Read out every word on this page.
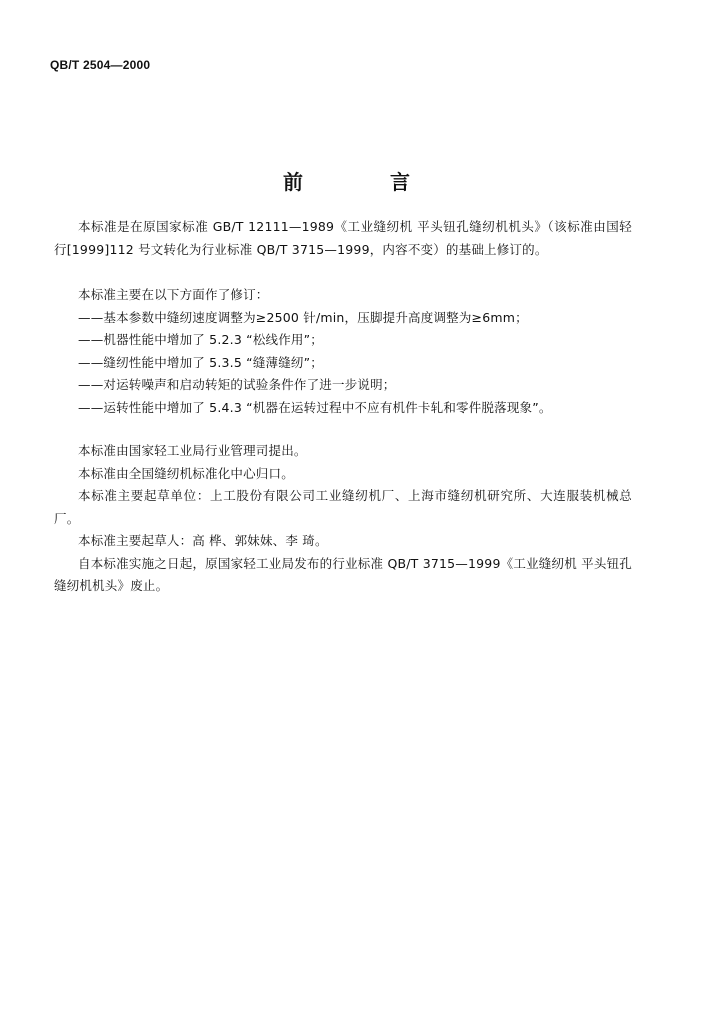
QB/T 2504—2000
前 言

本标准是在原国家标准 GB/T 12111—1989《工业缝纫机 平头钮孔缝纫机机头》（该标准由国轻行[1999]112 号文转化为行业标准 QB/T 3715—1999，内容不变）的基础上修订的。

本标准主要在以下方面作了修订：

——基本参数中缝纫速度调整为≥2500 针/min，压脚提升高度调整为≥6mm；
——机器性能中增加了 5.2.3 “松线作用”；
——缝纫性能中增加了 5.3.5 “缝薄缝纫”；
——对运转噪声和启动转矩的试验条件作了进一步说明；
——运转性能中增加了 5.4.3 “机器在运转过程中不应有机件卡轧和零件脱落现象”。

本标准由国家轻工业局行业管理司提出。

本标准由全国缝纫机标准化中心归口。

本标准主要起草单位：上工股份有限公司工业缝纫机厂、上海市缝纫机研究所、大连服装机械总厂。

本标准主要起草人：高 桦、郭妹妹、李 琦。

自本标准实施之日起，原国家轻工业局发布的行业标准 QB/T 3715—1999《工业缝纫机 平头钮孔缝纫机机头》废止。
